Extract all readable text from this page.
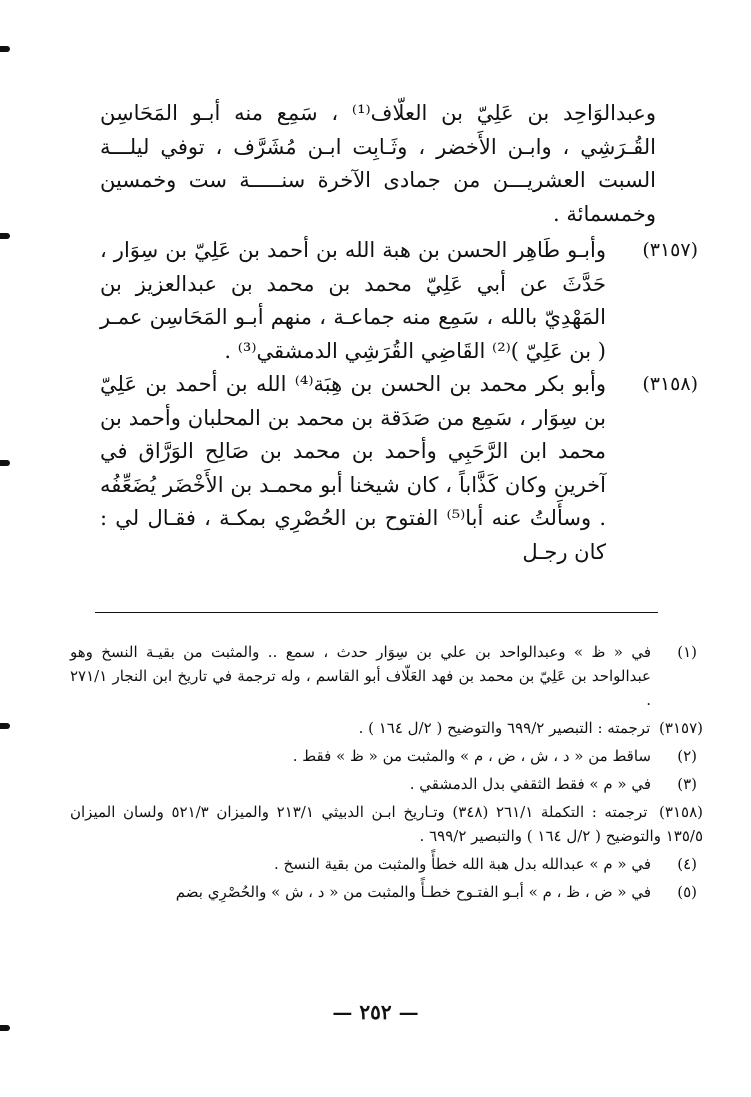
وعبدالوَاحِد بن عَلِيّ بن العلّاف⁽¹⁾ ، سَمِع منه أبـو المَحَاسِن القُـرَشِي ، وابـن الأَخضر ، وثَـابِت ابـن مُشَرَّف ، توفي ليلـــة السبت العشريـــن من جمادى الآخرة سنـــــة ست وخمسين وخمسمائة .

(٣١٥٧)
وأبـو طَاهِر الحسن بن هبة الله بن أحمد بن عَلِيّ بن سِوَار ، حَدَّثَ عن أبي عَلِيّ محمد بن محمد بن عبدالعزيز بن المَهْدِيّ بالله ، سَمِع منه جماعـة ، منهم أبـو المَحَاسِن عمـر ( بن عَلِيّ )⁽²⁾ القَاضِي القُرَشِي الدمشقي⁽³⁾ .
(٣١٥٨)
وأبو بكر محمد بن الحسن بن هِبَة⁽⁴⁾ الله بن أحمد بن عَلِيّ بن سِوَار ، سَمِع من صَدَقة بن محمد بن المحلبان وأحمد بن محمد ابن الرَّحَبِي وأحمد بن محمد بن صَالِح الوَرَّاق في آخرين وكان كَذَّاباً ، كان شيخنا أبو محمـد بن الأَخْضَر يُضَعِّفُه . وسأَلتُ عنه أبا⁽⁵⁾ الفتوح بن الحُصْرِي بمكـة ، فقـال لي : كان رجـل
(١)
في « ظ » وعبدالواحد بن علي بن سِوَار حدث ، سمع .. والمثبت من بقيـة النسخ وهو عبدالواحد بن عَلِيّ بن محمد بن فهد العَلّاف أبو القاسم ، وله ترجمة في تاريخ ابن النجار ٢٧١/١ .
(٣١٥٧) ترجمته : التبصير ٦٩٩/٢ والتوضيح ( ٢/ل ١٦٤ ) .
(٢)
ساقط من « د ، ش ، ض ، م » والمثبت من « ظ » فقط .
(٣)
في « م » فقط الثقفي بدل الدمشقي .
(٣١٥٨) ترجمته : التكملة ٢٦١/١ (٣٤٨) وتـاريخ ابـن الدبيثي ٢١٣/١ والميزان ٥٢١/٣ ولسان الميزان ١٣٥/٥ والتوضيح ( ٢/ل ١٦٤ ) والتبصير ٦٩٩/٢ .
(٤)
في « م » عبدالله بدل هبة الله خطأً والمثبت من بقية النسخ .
(٥)
في « ض ، ظ ، م » أبـو الفتـوح خطـأً والمثبت من « د ، ش » والحُصْرِي بضم
— ٢٥٢ —
